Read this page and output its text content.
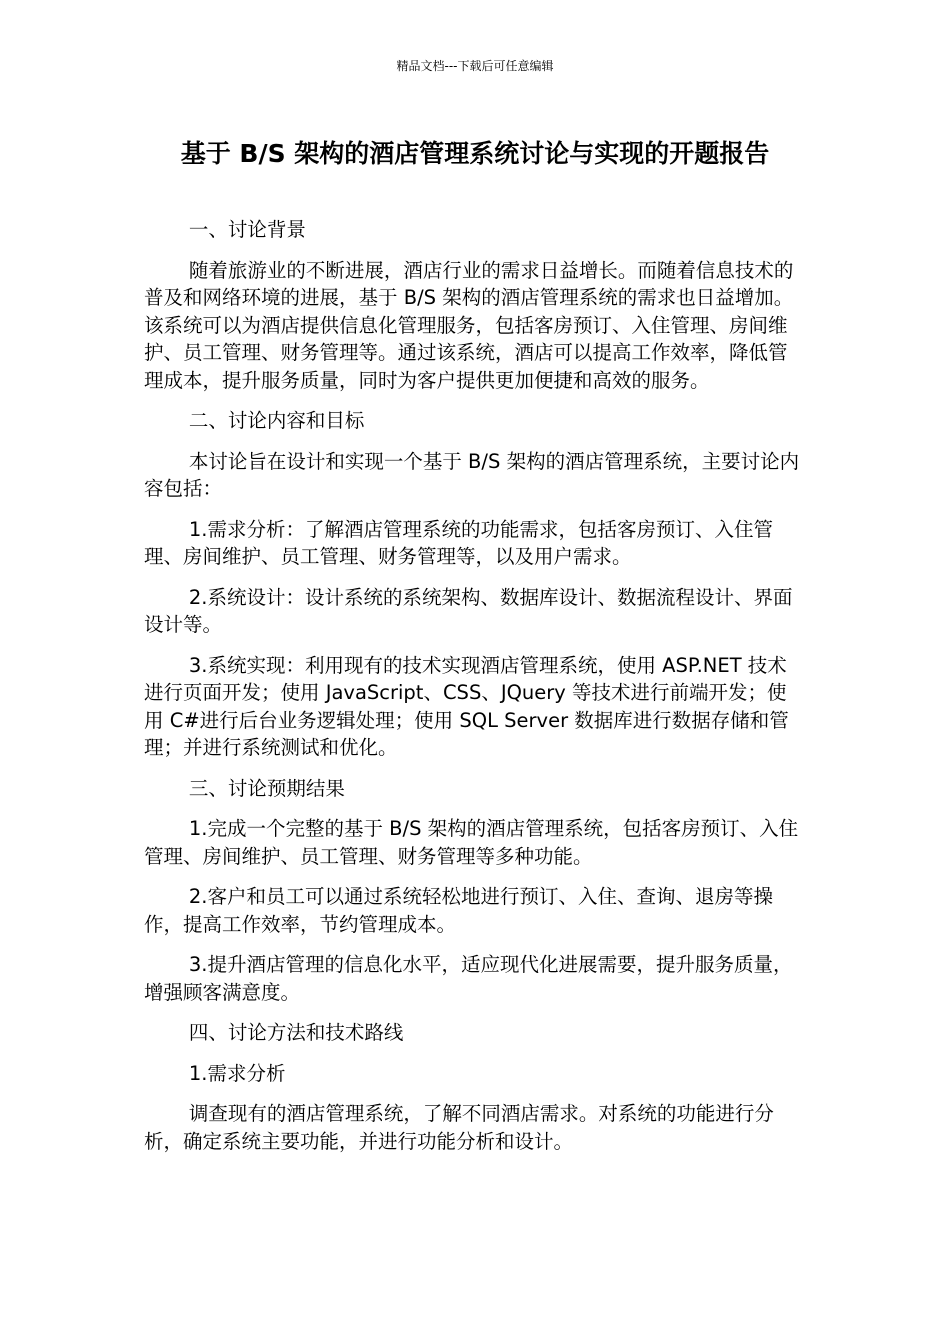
精品文档---下载后可任意编辑
基于 B/S 架构的酒店管理系统讨论与实现的开题报告

一、讨论背景

随着旅游业的不断进展，酒店行业的需求日益增长。而随着信息技术的普及和网络环境的进展，基于 B/S 架构的酒店管理系统的需求也日益增加。该系统可以为酒店提供信息化管理服务，包括客房预订、入住管理、房间维护、员工管理、财务管理等。通过该系统，酒店可以提高工作效率，降低管理成本，提升服务质量，同时为客户提供更加便捷和高效的服务。

二、讨论内容和目标

本讨论旨在设计和实现一个基于 B/S 架构的酒店管理系统，主要讨论内容包括：

1.需求分析：了解酒店管理系统的功能需求，包括客房预订、入住管理、房间维护、员工管理、财务管理等，以及用户需求。

2.系统设计：设计系统的系统架构、数据库设计、数据流程设计、界面设计等。

3.系统实现：利用现有的技术实现酒店管理系统，使用 ASP.NET 技术进行页面开发；使用 JavaScript、CSS、JQuery 等技术进行前端开发；使用 C#进行后台业务逻辑处理；使用 SQL Server 数据库进行数据存储和管理；并进行系统测试和优化。

三、讨论预期结果

1.完成一个完整的基于 B/S 架构的酒店管理系统，包括客房预订、入住管理、房间维护、员工管理、财务管理等多种功能。

2.客户和员工可以通过系统轻松地进行预订、入住、查询、退房等操作，提高工作效率，节约管理成本。

3.提升酒店管理的信息化水平，适应现代化进展需要，提升服务质量，增强顾客满意度。

四、讨论方法和技术路线

1.需求分析

调查现有的酒店管理系统，了解不同酒店需求。对系统的功能进行分析，确定系统主要功能，并进行功能分析和设计。
